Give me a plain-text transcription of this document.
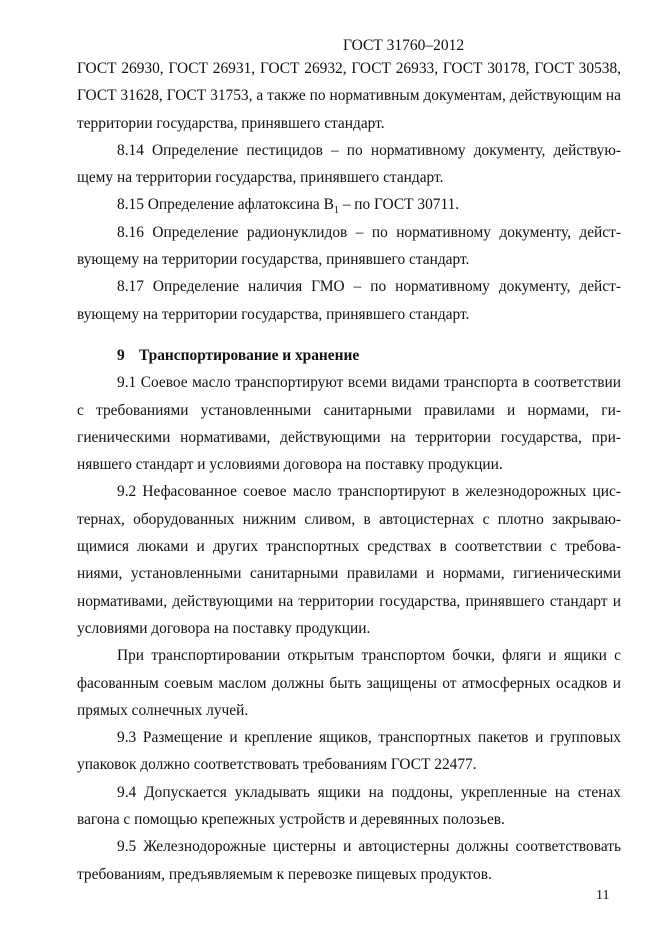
ГОСТ 31760–2012

ГОСТ 26930, ГОСТ 26931, ГОСТ 26932, ГОСТ 26933, ГОСТ 30178, ГОСТ 30538, ГОСТ 31628, ГОСТ 31753, а также по нормативным документам, действующим на территории государства, принявшего стандарт.

8.14 Определение пестицидов – по нормативному документу, действующему на территории государства, принявшего стандарт.

8.15 Определение афлатоксина $В_1$ – по ГОСТ 30711.

8.16 Определение радионуклидов – по нормативному документу, действующему на территории государства, принявшего стандарт.

8.17 Определение наличия ГМО – по нормативному документу, действующему на территории государства, принявшего стандарт.

9 Транспортирование и хранение

9.1 Соевое масло транспортируют всеми видами транспорта в соответствии с требованиями установленными санитарными правилами и нормами, гигиеническими нормативами, действующими на территории государства, принявшего стандарт и условиями договора на поставку продукции.

9.2 Нефасованное соевое масло транспортируют в железнодорожных цистернах, оборудованных нижним сливом, в автоцистернах с плотно закрывающимися люками и других транспортных средствах в соответствии с требованиями, установленными санитарными правилами и нормами, гигиеническими нормативами, действующими на территории государства, принявшего стандарт и условиями договора на поставку продукции.

При транспортировании открытым транспортом бочки, фляги и ящики с фасованным соевым маслом должны быть защищены от атмосферных осадков и прямых солнечных лучей.

9.3 Размещение и крепление ящиков, транспортных пакетов и групповых упаковок должно соответствовать требованиям ГОСТ 22477.

9.4 Допускается укладывать ящики на поддоны, укрепленные на стенах вагона с помощью крепежных устройств и деревянных полозьев.

9.5 Железнодорожные цистерны и автоцистерны должны соответствовать требованиям, предъявляемым к перевозке пищевых продуктов.

11
